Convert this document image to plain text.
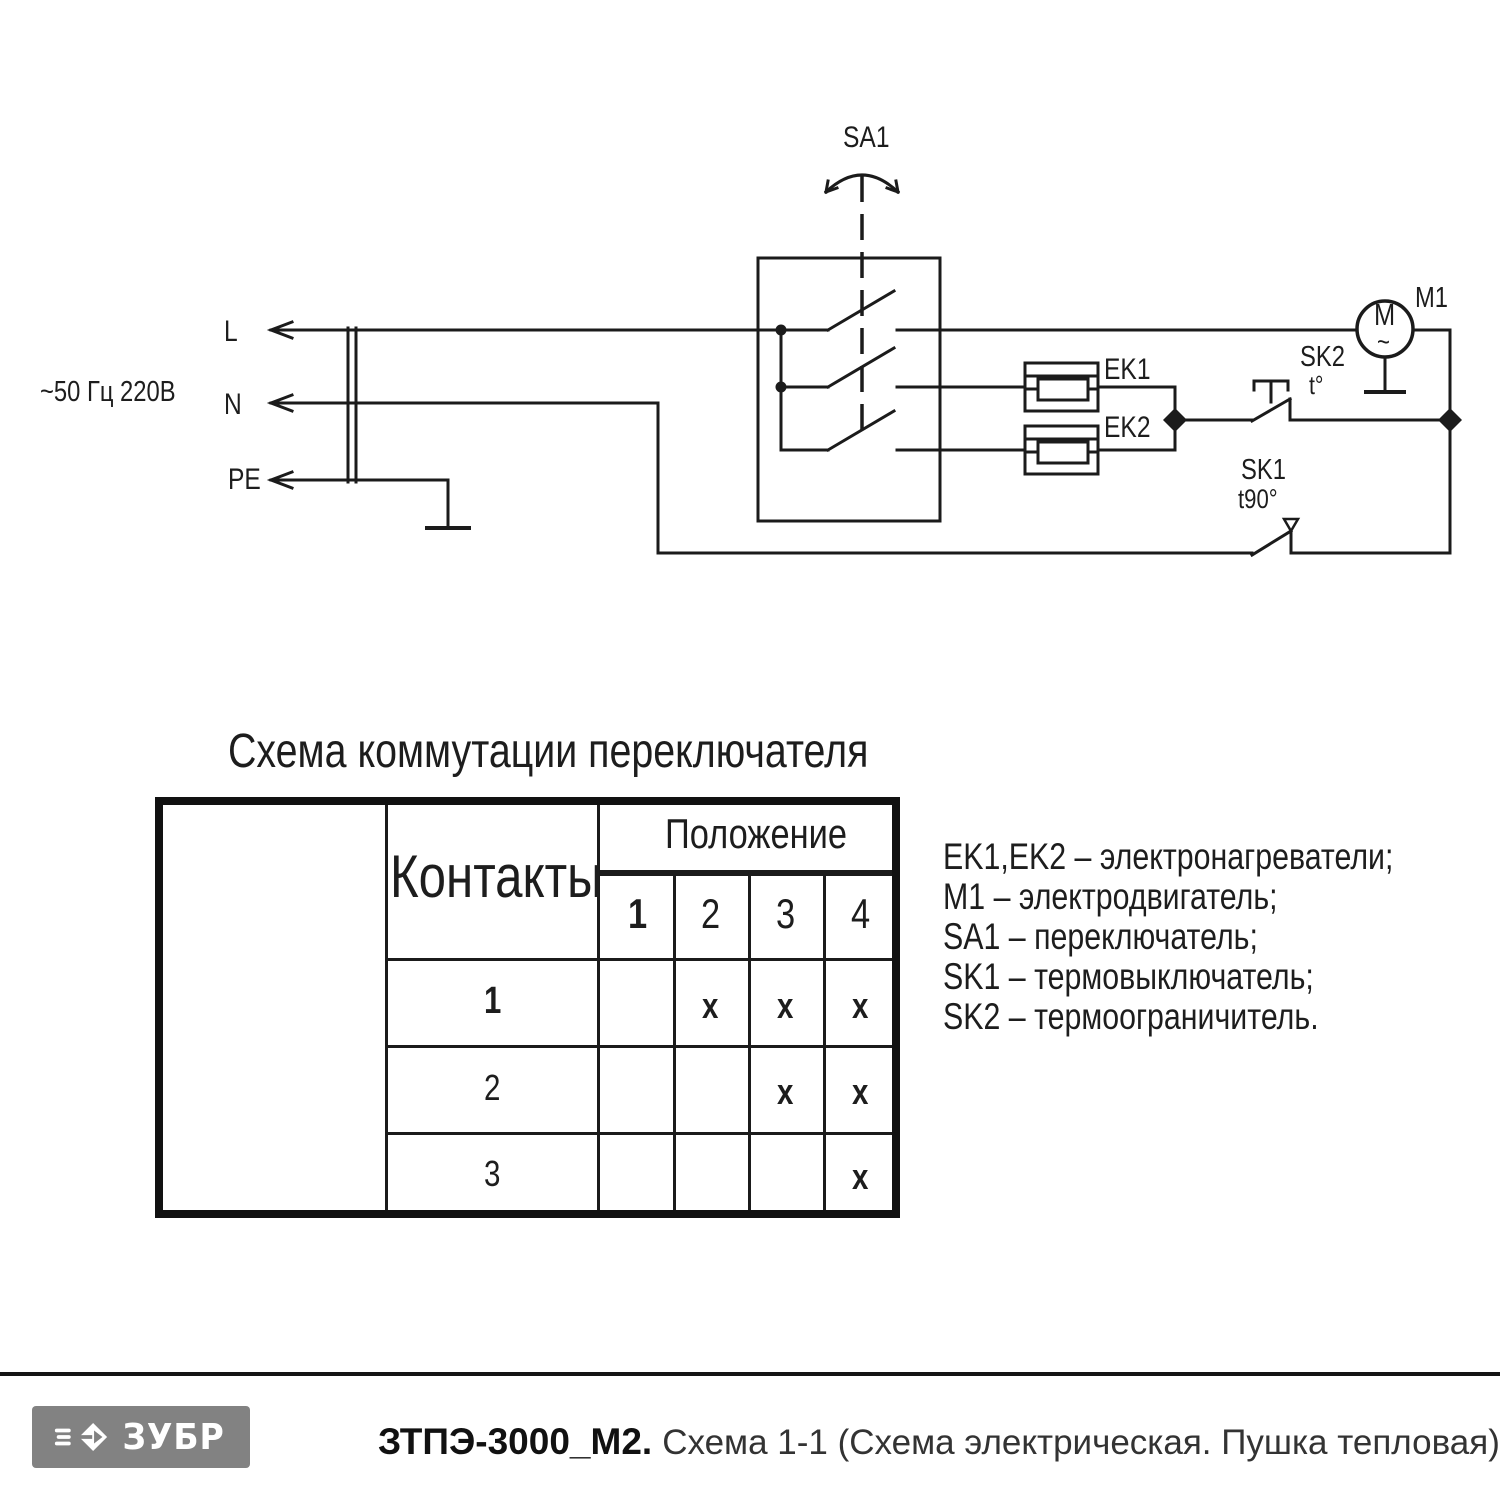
~50 Гц 220В
L
N
PE
SA1
EK1
EK2
SK2
t°
SK1
t90°
M1
M
~
Схема коммутации переключателя
Контакты
Положение
1 2 3 4
1
2
3
x x x
x x
x
EK1,EK2 – электронагреватели;
M1 – электродвигатель;
SA1 – переключатель;
SK1 – термовыключатель;
SK2 – термоограничитель.
ЗУБР	ЗТПЭ-3000_М2. Схема 1-1 (Схема электрическая. Пушка тепловая)
